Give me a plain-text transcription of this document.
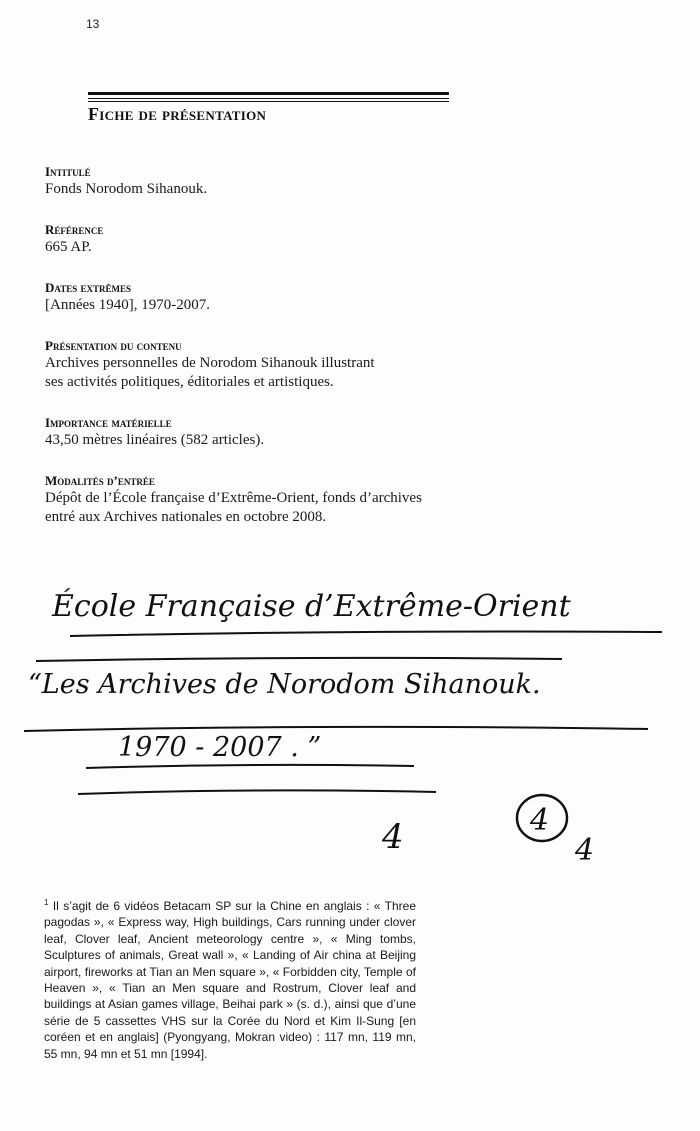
13
Fiche de présentation
Intitulé
Fonds Norodom Sihanouk.
Référence
665 AP.
Dates extrêmes
[Années 1940], 1970-2007.
Présentation du contenu
Archives personnelles de Norodom Sihanouk illustrant
ses activités politiques, éditoriales et artistiques.
Importance matérielle
43,50 mètres linéaires (582 articles).
Modalités d’entrée
Dépôt de l’École française d’Extrême-Orient, fonds d’archives
entré aux Archives nationales en octobre 2008.
École Française d’Extrême-Orient
“Les Archives de Norodom Sihanouk.
1970 - 2007 . ”
4	4
4
$^1$ Il s’agit de 6 vidéos Betacam SP sur la Chine en anglais : « Three pagodas », « Express way, High buildings, Cars running under clover leaf, Clover leaf, Ancient meteorology centre », « Ming tombs, Sculptures of animals, Great wall », « Landing of Air china at Beijing airport, fireworks at Tian an Men square », « Forbidden city, Temple of Heaven », « Tian an Men square and Rostrum, Clover leaf and buildings at Asian games village, Beihai park » (s. d.), ainsi que d’une série de 5 cassettes VHS sur la Corée du Nord et Kim Il-Sung [en coréen et en anglais] (Pyongyang, Mokran video) : 117 mn, 119 mn, 55 mn, 94 mn et 51 mn [1994].
